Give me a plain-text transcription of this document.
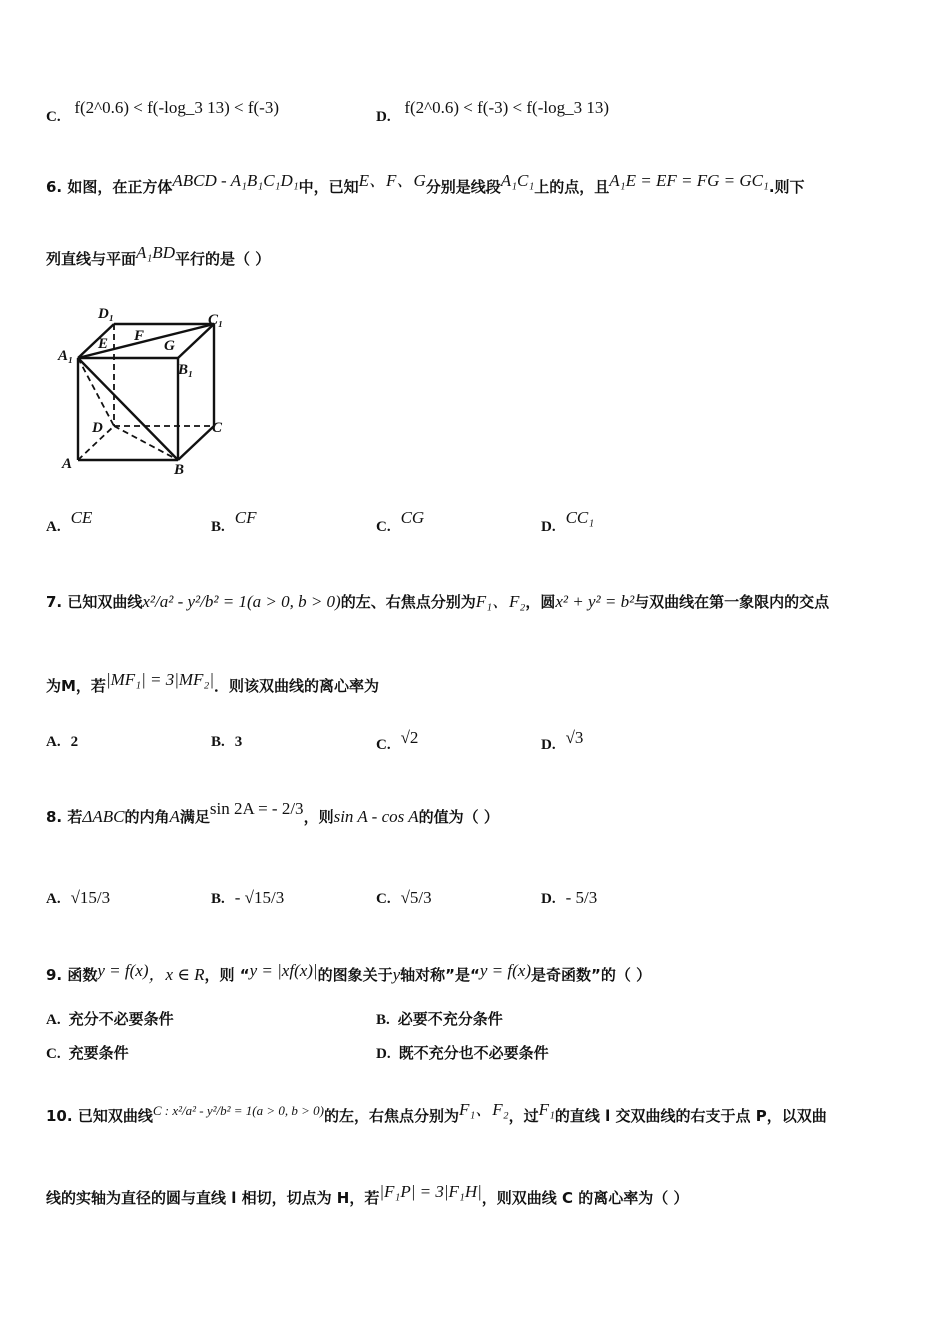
C. f(2^0.6) < f(-log_3 13) < f(-3)	D. f(2^0.6) < f(-3) < f(-log_3 13)
6. 如图，在正方体ABCD - A₁B₁C₁D₁中，已知E、F、G分别是线段A₁C₁上的点，且A₁E = EF = FG = GC₁.则下
列直线与平面A₁BD平行的是（ ）
D₁	C₁
A₁
E F
G
B₁
D	C
A	B
A. CE	B. CF	C. CG	D. CC₁
7. 已知双曲线x²/a² - y²/b² = 1(a > 0, b > 0)的左、右焦点分别为F₁、F₂，圆x² + y² = b²与双曲线在第一象限内的交点
为M，若|MF₁| = 3|MF₂|．则该双曲线的离心率为
A. 2	B. 3	C. √2	D. √3
8. 若ΔABC的内角A满足sin 2A = - 2/3，则sin A - cos A的值为（ ）
A. √15/3	B. - √15/3	C. √5/3	D. - 5/3
9. 函数y = f(x)，x ∈ R，则 “y = |xf(x)|的图象关于y轴对称”是“y = f(x)是奇函数”的（ ）
A. 充分不必要条件	B. 必要不充分条件
C. 充要条件	D. 既不充分也不必要条件
10. 已知双曲线C : x²/a² - y²/b² = 1(a > 0, b > 0)的左，右焦点分别为F₁、F₂，过F₁的直线 l 交双曲线的右支于点 P，以双曲
线的实轴为直径的圆与直线 l 相切，切点为 H，若|F₁P| = 3|F₁H|，则双曲线 C 的离心率为（ ）
